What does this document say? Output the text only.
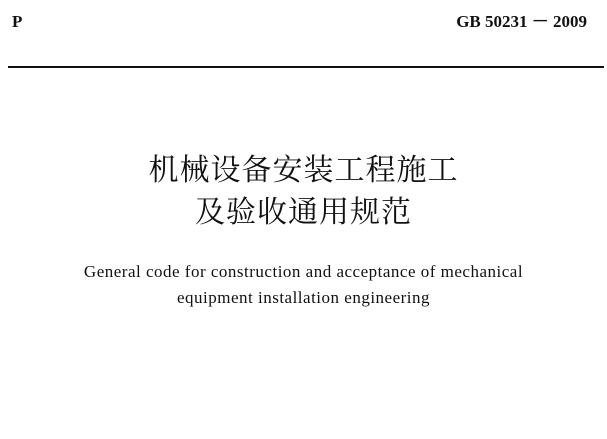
P	GB 50231 － 2009
机械设备安装工程施工
及验收通用规范
General code for construction and acceptance of mechanical
equipment installation engineering
